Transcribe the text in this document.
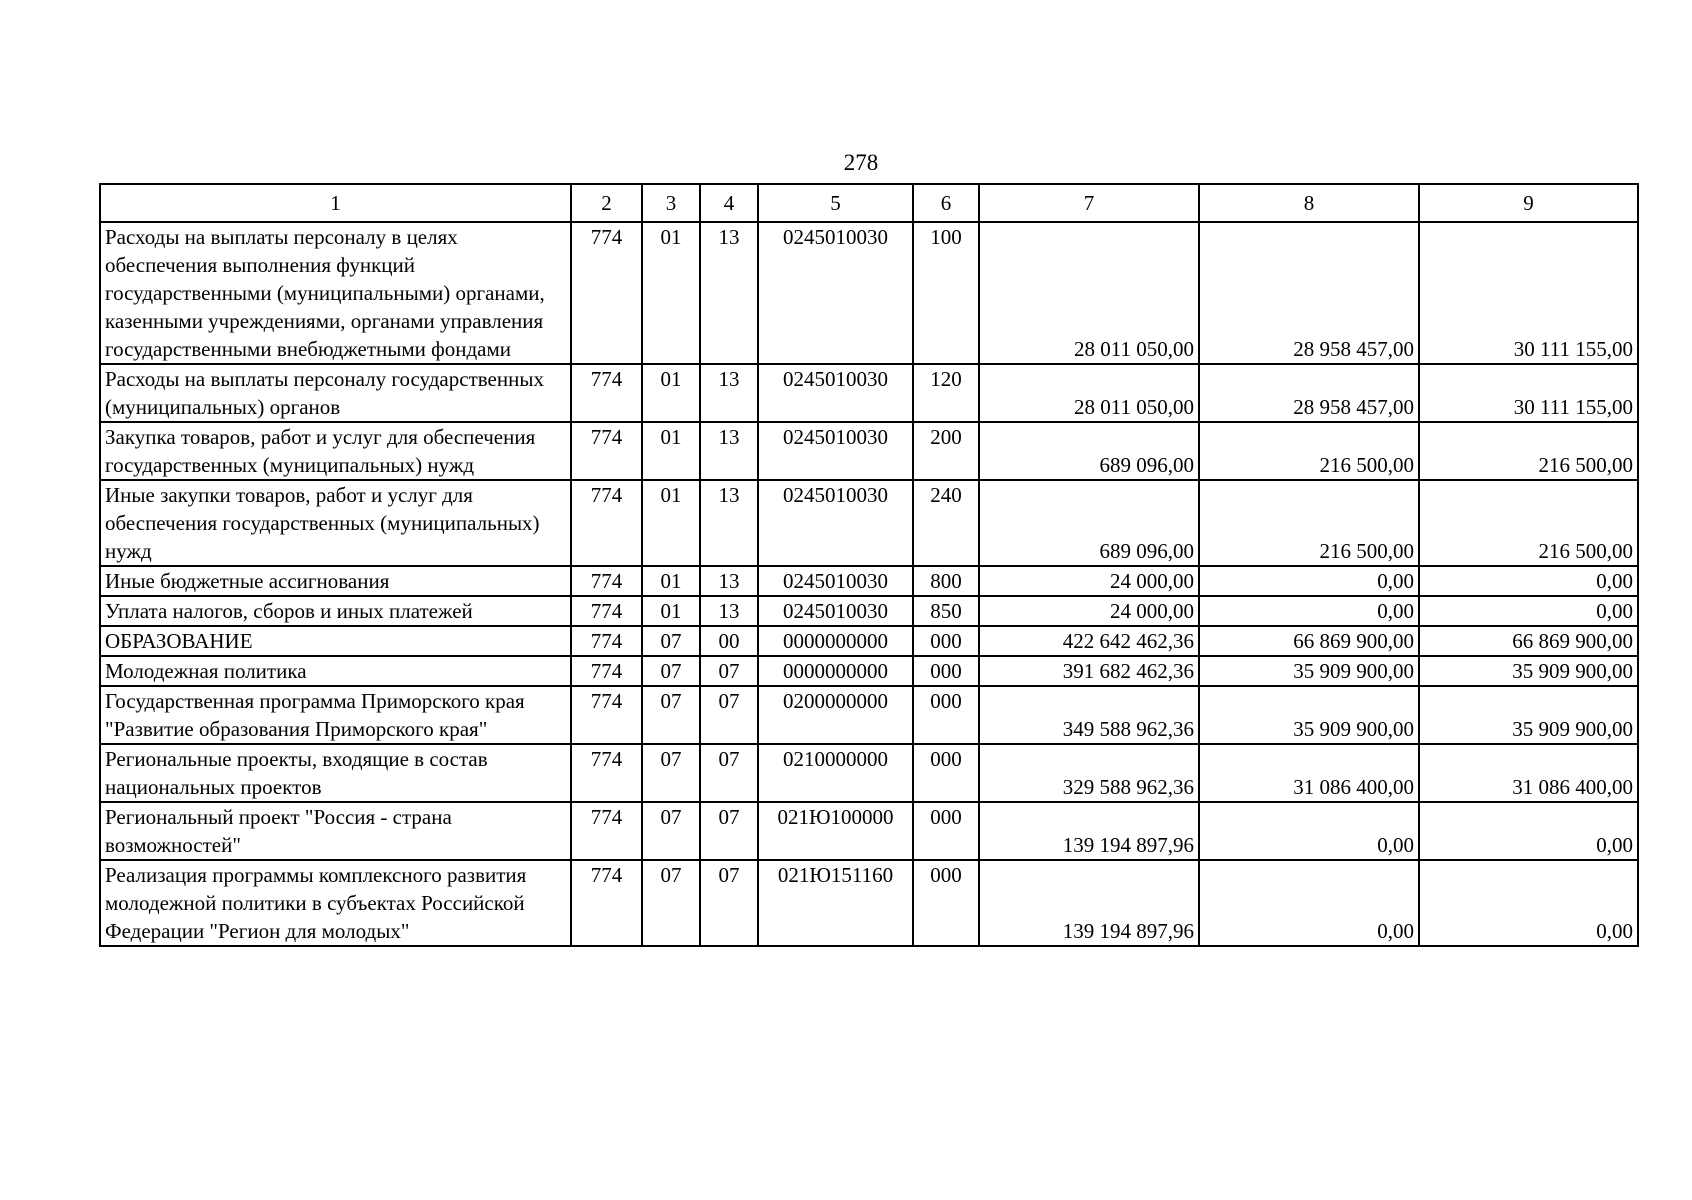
278
1	2	3	4	5	6	7	8	9
Расходы на выплаты персоналу в целях обеспечения выполнения функций государственными (муниципальными) органами, казенными учреждениями, органами управления государственными внебюджетными фондами	774	01	13	0245010030	100	28 011 050,00	28 958 457,00	30 111 155,00
Расходы на выплаты персоналу государственных (муниципальных) органов	774	01	13	0245010030	120	28 011 050,00	28 958 457,00	30 111 155,00
Закупка товаров, работ и услуг для обеспечения государственных (муниципальных) нужд	774	01	13	0245010030	200	689 096,00	216 500,00	216 500,00
Иные закупки товаров, работ и услуг для обеспечения государственных (муниципальных) нужд	774	01	13	0245010030	240	689 096,00	216 500,00	216 500,00
Иные бюджетные ассигнования	774	01	13	0245010030	800	24 000,00	0,00	0,00
Уплата налогов, сборов и иных платежей	774	01	13	0245010030	850	24 000,00	0,00	0,00
ОБРАЗОВАНИЕ	774	07	00	0000000000	000	422 642 462,36	66 869 900,00	66 869 900,00
Молодежная политика	774	07	07	0000000000	000	391 682 462,36	35 909 900,00	35 909 900,00
Государственная программа Приморского края "Развитие образования Приморского края"	774	07	07	0200000000	000	349 588 962,36	35 909 900,00	35 909 900,00
Региональные проекты, входящие в состав национальных проектов	774	07	07	0210000000	000	329 588 962,36	31 086 400,00	31 086 400,00
Региональный проект "Россия - страна возможностей"	774	07	07	021Ю100000	000	139 194 897,96	0,00	0,00
Реализация программы комплексного развития молодежной политики в субъектах Российской Федерации "Регион для молодых"	774	07	07	021Ю151160	000	139 194 897,96	0,00	0,00
